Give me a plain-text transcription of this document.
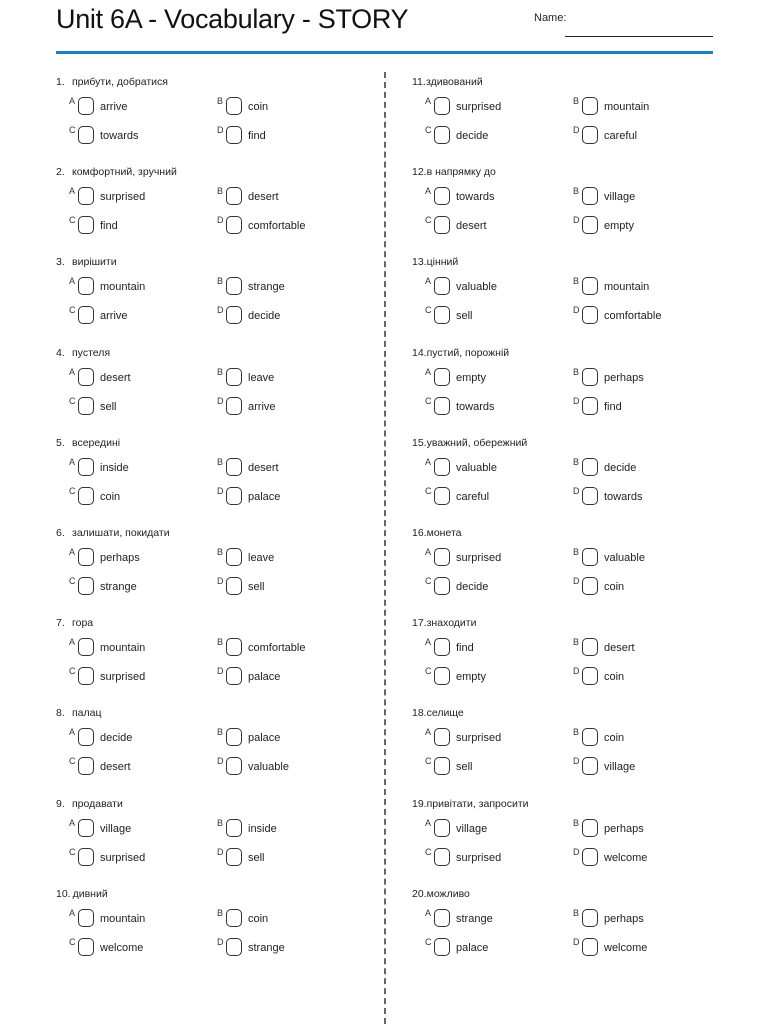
Unit 6A - Vocabulary - STORY	Name:
1. прибути, добратися
A arrive	B coin
C towards	D find
2. комфортний, зручний
A surprised	B desert
C find	D comfortable
3. вирішити
A mountain	B strange
C arrive	D decide
4. пустеля
A desert	B leave
C sell	D arrive
5. всередині
A inside	B desert
C coin	D palace
6. залишати, покидати
A perhaps	B leave
C strange	D sell
7. гора
A mountain	B comfortable
C surprised	D palace
8. палац
A decide	B palace
C desert	D valuable
9. продавати
A village	B inside
C surprised	D sell
10. дивний
A mountain	B coin
C welcome	D strange
11.здивований
A surprised	B mountain
C decide	D careful
12.в напрямку до
A towards	B village
C desert	D empty
13.цінний
A valuable	B mountain
C sell	D comfortable
14.пустий, порожній
A empty	B perhaps
C towards	D find
15.уважний, обережний
A valuable	B decide
C careful	D towards
16.монета
A surprised	B valuable
C decide	D coin
17.знаходити
A find	B desert
C empty	D coin
18.селище
A surprised	B coin
C sell	D village
19.привітати, запросити
A village	B perhaps
C surprised	D welcome
20.можливо
A strange	B perhaps
C palace	D welcome
